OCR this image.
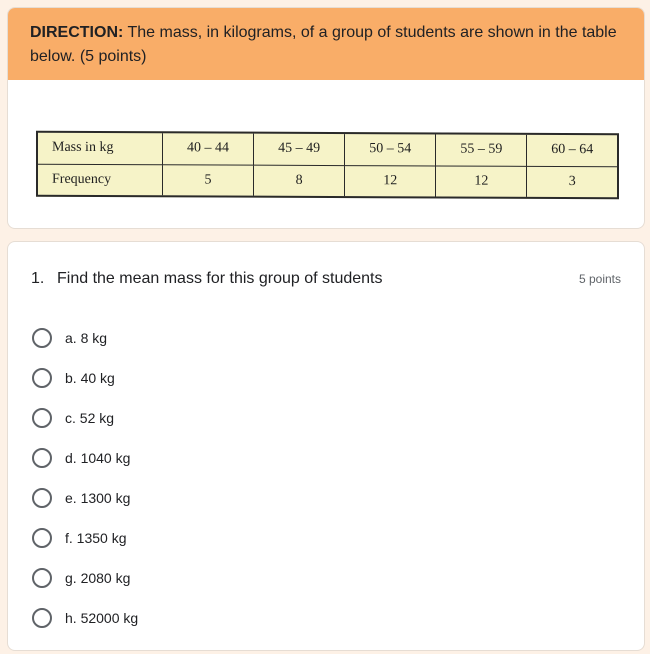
DIRECTION: The mass, in kilograms, of a group of students are shown in the table below. (5 points)
Mass in kg	40 – 44	45 – 49	50 – 54	55 – 59	60 – 64
Frequency	5	8	12	12	3
1. Find the mean mass for this group of students	5 points
a. 8 kg
b. 40 kg
c. 52 kg
d. 1040 kg
e. 1300 kg
f. 1350 kg
g. 2080 kg
h. 52000 kg
